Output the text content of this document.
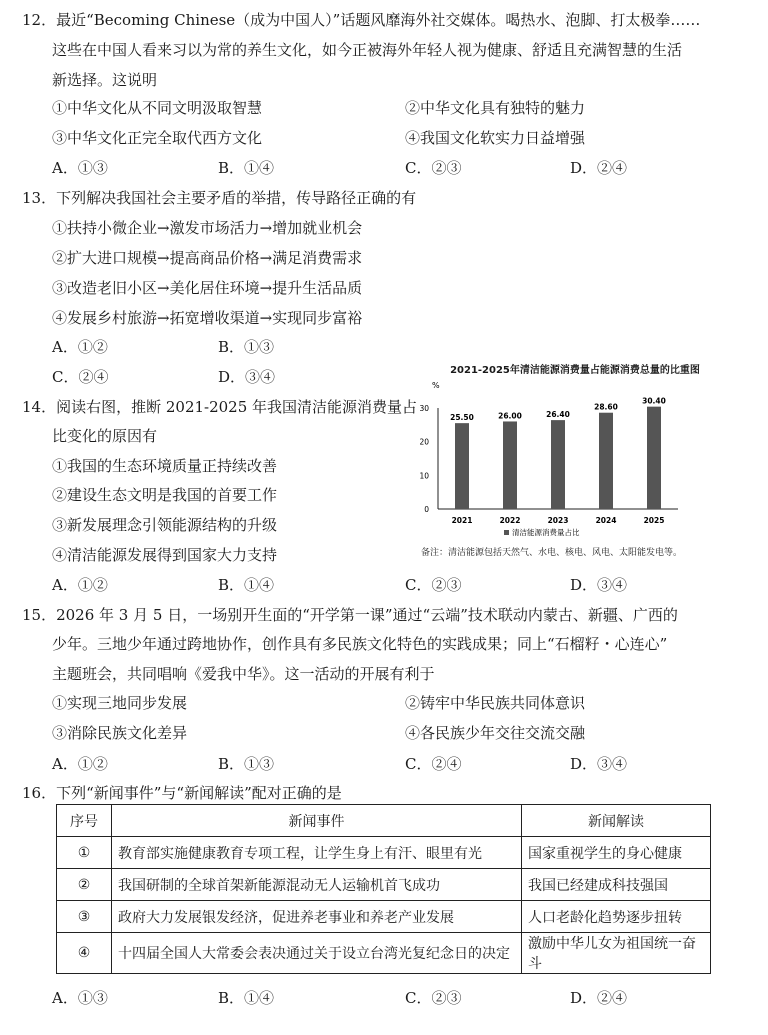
12．最近“Becoming Chinese（成为中国人）”话题风靡海外社交媒体。喝热水、泡脚、打太极拳……
这些在中国人看来习以为常的养生文化，如今正被海外年轻人视为健康、舒适且充满智慧的生活
新选择。这说明
①中华文化从不同文明汲取智慧	②中华文化具有独特的魅力
③中华文化正完全取代西方文化	④我国文化软实力日益增强
A．①③	B．①④	C．②③	D．②④
13．下列解决我国社会主要矛盾的举措，传导路径正确的有
①扶持小微企业→激发市场活力→增加就业机会
②扩大进口规模→提高商品价格→满足消费需求
③改造老旧小区→美化居住环境→提升生活品质
④发展乡村旅游→拓宽增收渠道→实现同步富裕
A．①②	B．①③
C．②④	D．③④
14．阅读右图，推断 2021-2025 年我国清洁能源消费量占
比变化的原因有
①我国的生态环境质量正持续改善
②建设生态文明是我国的首要工作
③新发展理念引领能源结构的升级
④清洁能源发展得到国家大力支持
A．①②	B．①④	C．②③	D．③④
2021-2025年清洁能源消费量占能源消费总量的比重图
%
0
10
20
30
25.50
2021
26.00
2022
26.40
2023
28.60
2024
30.40
2025
清洁能源消费量占比
备注：清洁能源包括天然气、水电、核电、风电、太阳能发电等。
15．2026 年 3 月 5 日，一场别开生面的“开学第一课”通过“云端”技术联动内蒙古、新疆、广西的
少年。三地少年通过跨地协作，创作具有多民族文化特色的实践成果；同上“石榴籽・心连心”
主题班会，共同唱响《爱我中华》。这一活动的开展有利于
①实现三地同步发展	②铸牢中华民族共同体意识
③消除民族文化差异	④各民族少年交往交流交融
A．①②	B．①③	C．②④	D．③④
16．下列“新闻事件”与“新闻解读”配对正确的是
序号	新闻事件	新闻解读
①	教育部实施健康教育专项工程，让学生身上有汗、眼里有光	国家重视学生的身心健康
②	我国研制的全球首架新能源混动无人运输机首飞成功	我国已经建成科技强国
③	政府大力发展银发经济，促进养老事业和养老产业发展	人口老龄化趋势逐步扭转
④	十四届全国人大常委会表决通过关于设立台湾光复纪念日的决定	激励中华儿女为祖国统一奋斗
A．①③	B．①④	C．②③	D．②④
